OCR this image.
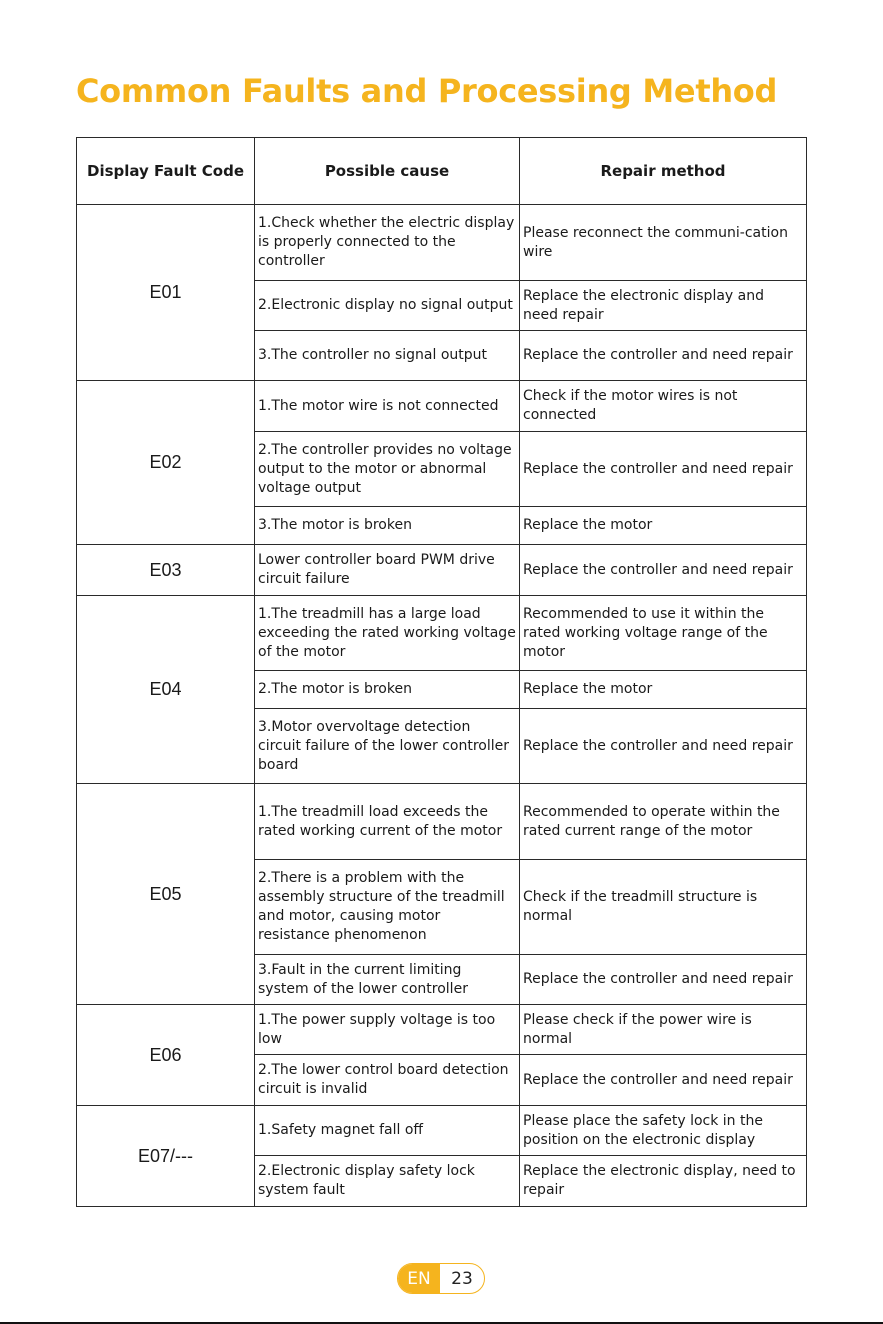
Common Faults and Processing Method
Display Fault Code	Possible cause	Repair method
E01	1.Check whether the electric display is properly connected to the controller	Please reconnect the communi-cation wire
	2.Electronic display no signal output	Replace the electronic display and need repair
	3.The controller no signal output	Replace the controller and need repair
E02	1.The motor wire is not connected	Check if the motor wires is not connected
	2.The controller provides no voltage output to the motor or abnormal voltage output	Replace the controller and need repair
	3.The motor is broken	Replace the motor
E03	Lower controller board PWM drive circuit failure	Replace the controller and need repair
E04	1.The treadmill has a large load exceeding the rated working voltage of the motor	Recommended to use it within the rated working voltage range of the motor
	2.The motor is broken	Replace the motor
	3.Motor overvoltage detection circuit failure of the lower controller board	Replace the controller and need repair
E05	1.The treadmill load exceeds the rated working current of the motor	Recommended to operate within the rated current range of the motor
	2.There is a problem with the assembly structure of the treadmill and motor, causing motor resistance phenomenon	Check if the treadmill structure is normal
	3.Fault in the current limiting system of the lower controller	Replace the controller and need repair
E06	1.The power supply voltage is too low	Please check if the power wire is normal
	2.The lower control board detection circuit is invalid	Replace the controller and need repair
E07/---	1.Safety magnet fall off	Please place the safety lock in the position on the electronic display
	2.Electronic display safety lock system fault	Replace the electronic display, need to repair
EN	23
